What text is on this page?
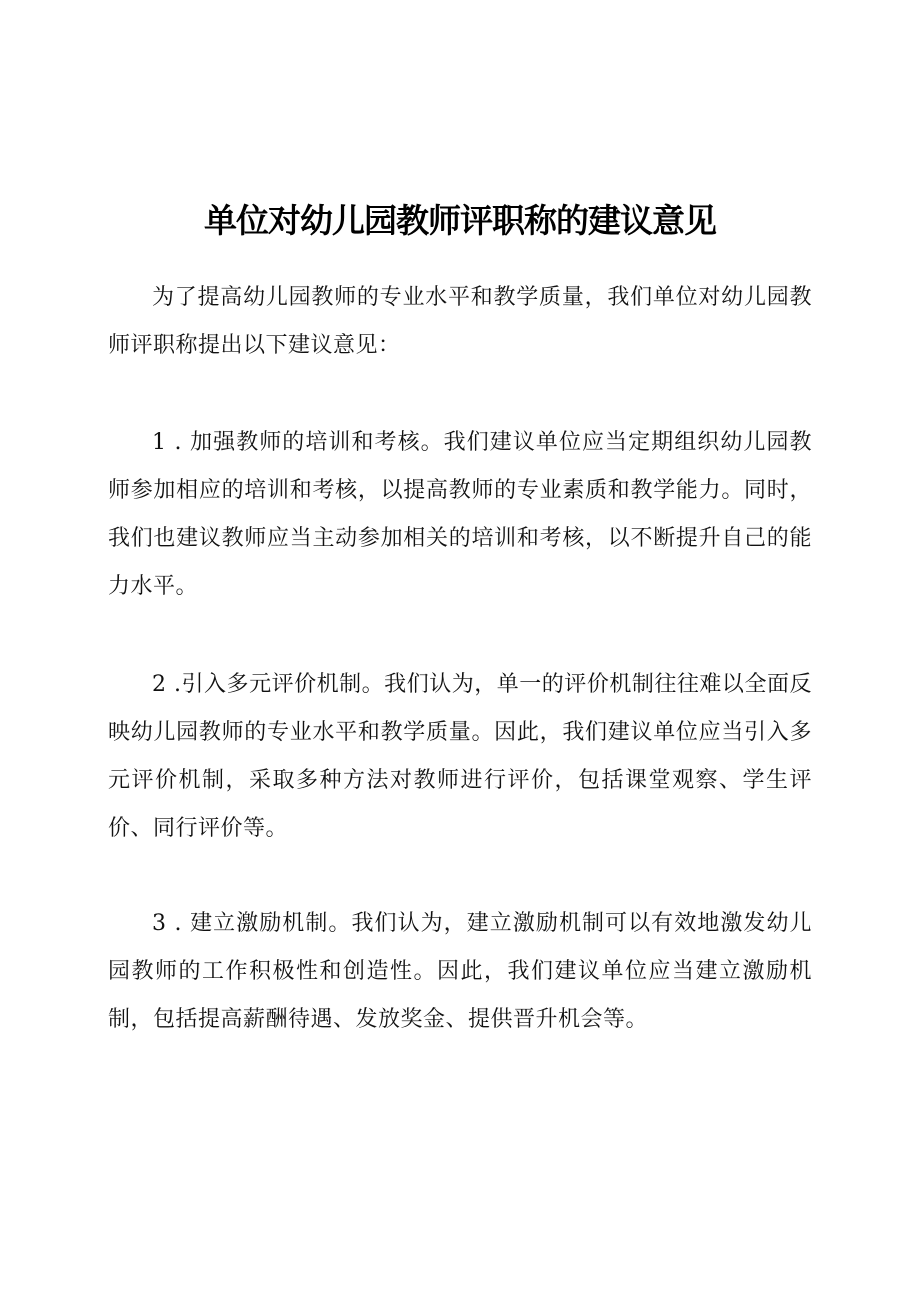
单位对幼儿园教师评职称的建议意见

为了提高幼儿园教师的专业水平和教学质量，我们单位对幼儿园教师评职称提出以下建议意见：

1 . 加强教师的培训和考核。我们建议单位应当定期组织幼儿园教师参加相应的培训和考核，以提高教师的专业素质和教学能力。同时，我们也建议教师应当主动参加相关的培训和考核，以不断提升自己的能力水平。

2 .引入多元评价机制。我们认为，单一的评价机制往往难以全面反映幼儿园教师的专业水平和教学质量。因此，我们建议单位应当引入多元评价机制，采取多种方法对教师进行评价，包括课堂观察、学生评价、同行评价等。

3 . 建立激励机制。我们认为，建立激励机制可以有效地激发幼儿园教师的工作积极性和创造性。因此，我们建议单位应当建立激励机制，包括提高薪酬待遇、发放奖金、提供晋升机会等。
